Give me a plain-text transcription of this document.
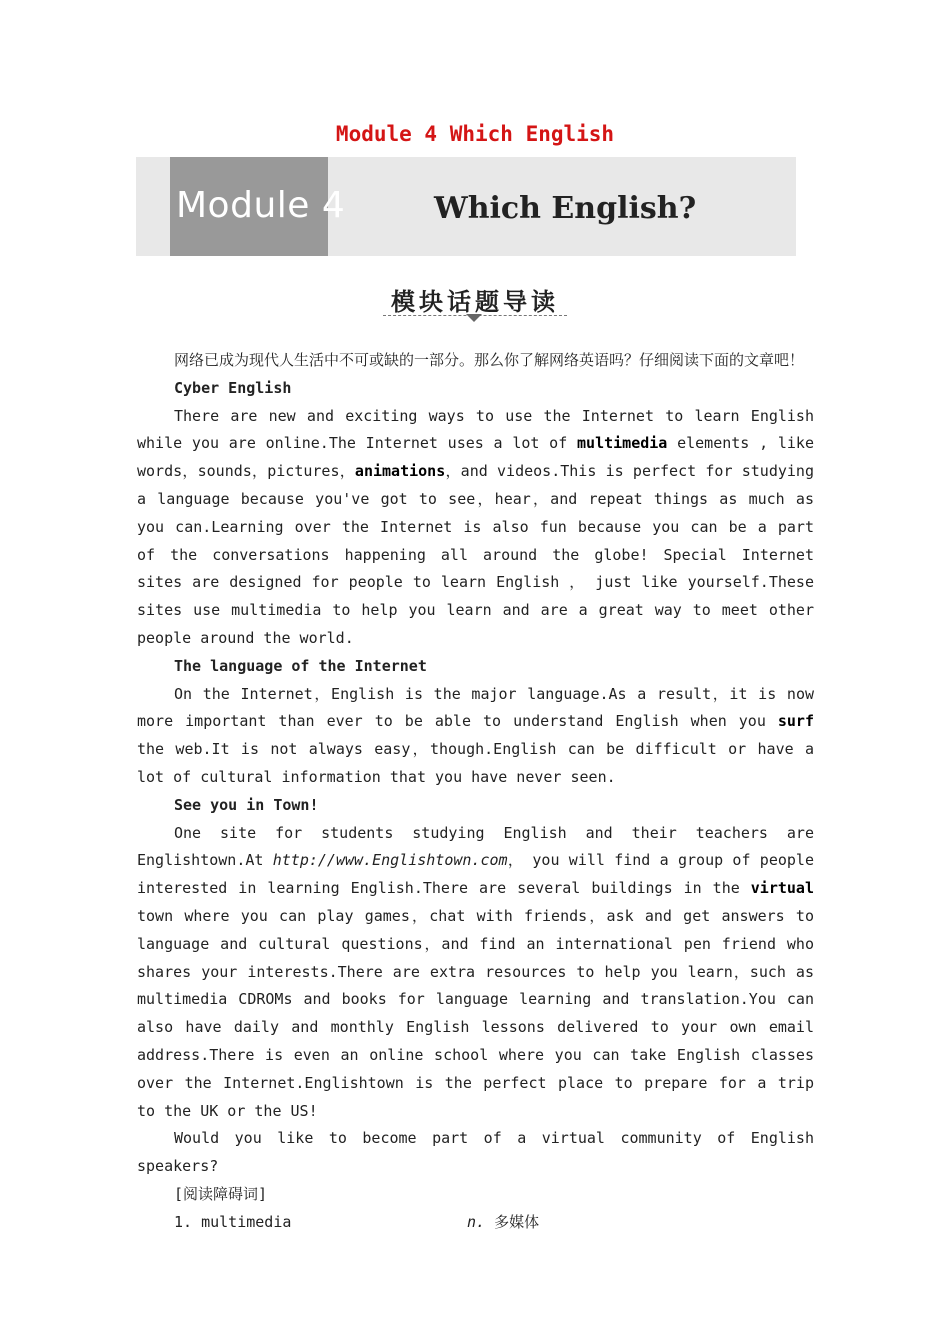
Module 4 Which English
Module 4	Which English?
模块话题导读

网络已成为现代人生活中不可或缺的一部分。那么你了解网络英语吗？仔细阅读下面的文章吧！

Cyber English

There are new and exciting ways to use the Internet to learn English while you are online.The Internet uses a lot of multimedia elements , like words，sounds，pictures，animations，and videos.This is perfect for studying a language because you've got to see，hear，and repeat things as much as you can.Learning over the Internet is also fun because you can be a part of the conversations happening all around the globe! Special Internet sites are designed for people to learn English ， just like yourself.These sites use multimedia to help you learn and are a great way to meet other people around the world.

The language of the Internet

On the Internet，English is the major language.As a result，it is now more important than ever to be able to understand English when you surf the web.It is not always easy，though.English can be difficult or have a lot of cultural information that you have never seen.

See you in Town!

One site for students studying English and their teachers are Englishtown.At http://www.Englishtown.com， you will find a group of people interested in learning English.There are several buildings in the virtual town where you can play games，chat with friends，ask and get answers to language and cultural questions，and find an international pen friend who shares your interests.There are extra resources to help you learn，such as multimedia CDROMs and books for language learning and translation.You can also have daily and monthly English lessons delivered to your own email address.There is even an online school where you can take English classes over the Internet.Englishtown is the perfect place to prepare for a trip to the UK or the US!

Would you like to become part of a virtual community of English speakers?

[阅读障碍词]

1. multimedia	n. 多媒体
